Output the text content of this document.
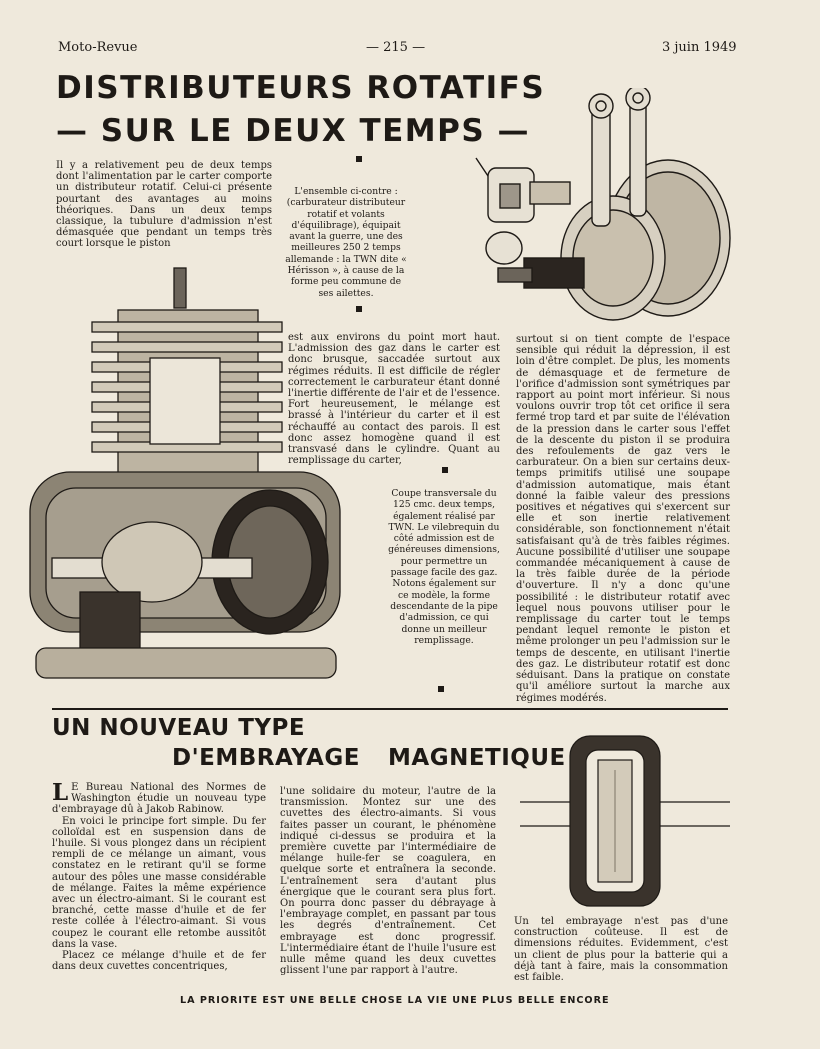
Moto-Revue	— 215 —	3 juin 1949
DISTRIBUTEURS ROTATIFS
— SUR LE DEUX TEMPS —
Il y a relativement peu de deux temps dont l'alimentation par le carter comporte un distributeur rotatif. Celui-ci présente pourtant des avantages au moins théoriques. Dans un deux temps classique, la tubulure d'admission n'est démasquée que pendant un temps très court lorsque le piston
L'ensemble ci-contre : (carburateur distributeur rotatif et volants d'équilibrage), équipait avant la guerre, une des meilleures 250 2 temps allemande : la TWN dite « Hérisson », à cause de la forme peu commune de ses ailettes.
est aux environs du point mort haut. L'admission des gaz dans le carter est donc brusque, saccadée surtout aux régimes réduits. Il est difficile de régler correctement le carburateur étant donné l'inertie différente de l'air et de l'essence. Fort heureusement, le mélange est brassé à l'intérieur du carter et il est réchauffé au contact des parois. Il est donc assez homogène quand il est transvasé dans le cylindre. Quant au remplissage du carter,
Coupe transversale du 125 cmc. deux temps, également réalisé par TWN. Le vilebrequin du côté admission est de généreuses dimensions, pour permettre un passage facile des gaz. Notons également sur ce modèle, la forme descendante de la pipe d'admission, ce qui donne un meilleur remplissage.
surtout si on tient compte de l'espace sensible qui réduit la dépression, il est loin d'être complet. De plus, les moments de démasquage et de fermeture de l'orifice d'admission sont symétriques par rapport au point mort inférieur. Si nous voulons ouvrir trop tôt cet orifice il sera fermé trop tard et par suite de l'élévation de la pression dans le carter sous l'effet de la descente du piston il se produira des refoulements de gaz vers le carburateur. On a bien sur certains deux-temps primitifs utilisé une soupape d'admission automatique, mais étant donné la faible valeur des pressions positives et négatives qui s'exercent sur elle et son inertie relativement considérable, son fonctionnement n'était satisfaisant qu'à de très faibles régimes. Aucune possibilité d'utiliser une soupape commandée mécaniquement à cause de la très faible durée de la période d'ouverture. Il n'y a donc qu'une possibilité : le distributeur rotatif avec lequel nous pouvons utiliser pour le remplissage du carter tout le temps pendant lequel remonte le piston et même prolonger un peu l'admission sur le temps de descente, en utilisant l'inertie des gaz. Le distributeur rotatif est donc séduisant. Dans la pratique on constate qu'il améliore surtout la marche aux régimes modérés.
UN NOUVEAU TYPE
D'EMBRAYAGE MAGNETIQUE

L E Bureau National des Normes de Washington étudie un nouveau type d'embrayage dû à Jakob Rabinow.

En voici le principe fort simple. Du fer colloïdal est en suspension dans de l'huile. Si vous plongez dans un récipient rempli de ce mélange un aimant, vous constatez en le retirant qu'il se forme autour des pôles une masse considérable de mélange. Faites la même expérience avec un électro-aimant. Si le courant est branché, cette masse d'huile et de fer reste collée à l'électro-aimant. Si vous coupez le courant elle retombe aussitôt dans la vase.

Placez ce mélange d'huile et de fer dans deux cuvettes concentriques,

l'une solidaire du moteur, l'autre de la transmission. Montez sur une des cuvettes des électro-aimants. Si vous faites passer un courant, le phénomène indiqué ci-dessus se produira et la première cuvette par l'intermédiaire de mélange huile-fer se coagulera, en quelque sorte et entraînera la seconde. L'entraînement sera d'autant plus énergique que le courant sera plus fort. On pourra donc passer du débrayage à l'embrayage complet, en passant par tous les degrés d'entraînement. Cet embrayage est donc progressif. L'intermédiaire étant de l'huile l'usure est nulle même quand les deux cuvettes glissent l'une par rapport à l'autre.
Un tel embrayage n'est pas d'une construction coûteuse. Il est de dimensions réduites. Evidemment, c'est un client de plus pour la batterie qui a déjà tant à faire, mais la consommation est faible.
LA PRIORITE EST UNE BELLE CHOSE LA VIE UNE PLUS BELLE ENCORE
